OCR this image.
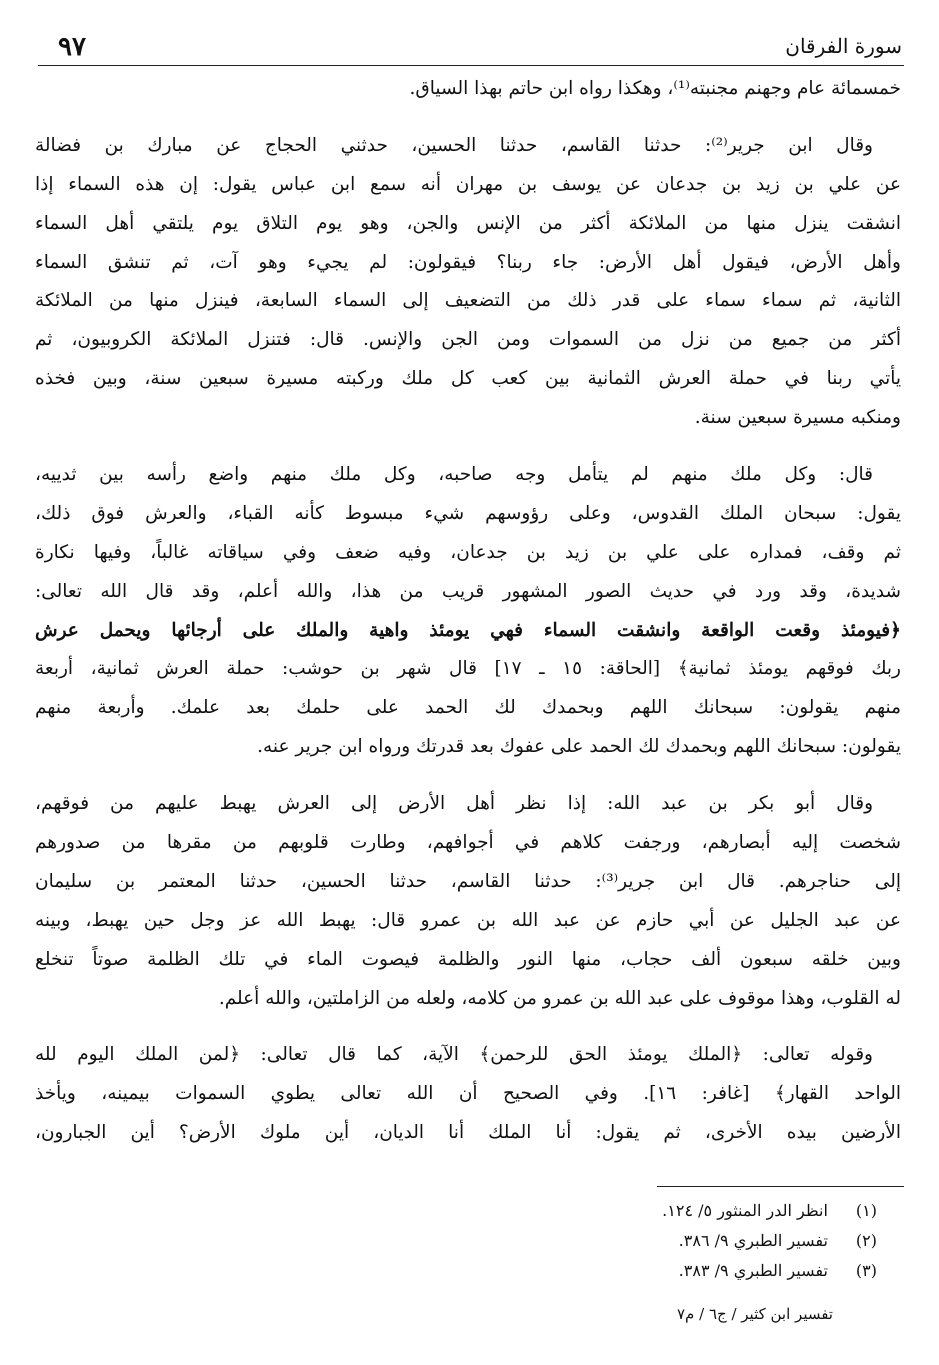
سورة الفرقان
٩٧
خمسمائة عام وجهنم مجنبته⁽¹⁾، وهكذا رواه ابن حاتم بهذا السياق.
وقال ابن جرير⁽²⁾: حدثنا القاسم، حدثنا الحسين، حدثني الحجاج عن مبارك بن فضالة
عن علي بن زيد بن جدعان عن يوسف بن مهران أنه سمع ابن عباس يقول: إن هذه السماء إذا
انشقت ينزل منها من الملائكة أكثر من الإنس والجن، وهو يوم التلاق يوم يلتقي أهل السماء
وأهل الأرض، فيقول أهل الأرض: جاء ربنا؟ فيقولون: لم يجيء وهو آت، ثم تنشق السماء
الثانية، ثم سماء سماء على قدر ذلك من التضعيف إلى السماء السابعة، فينزل منها من الملائكة
أكثر من جميع من نزل من السموات ومن الجن والإنس. قال: فتنزل الملائكة الكروبيون، ثم
يأتي ربنا في حملة العرش الثمانية بين كعب كل ملك وركبته مسيرة سبعين سنة، وبين فخذه
ومنكبه مسيرة سبعين سنة.
قال: وكل ملك منهم لم يتأمل وجه صاحبه، وكل ملك منهم واضع رأسه بين ثدييه،
يقول: سبحان الملك القدوس، وعلى رؤوسهم شيء مبسوط كأنه القباء، والعرش فوق ذلك،
ثم وقف، فمداره على علي بن زيد بن جدعان، وفيه ضعف وفي سياقاته غالباً، وفيها نكارة
شديدة، وقد ورد في حديث الصور المشهور قريب من هذا، والله أعلم، وقد قال الله تعالى:
﴿فيومئذ وقعت الواقعة وانشقت السماء فهي يومئذ واهية والملك على أرجائها ويحمل عرش
ربك فوقهم يومئذ ثمانية﴾ [الحاقة: ١٥ ـ ١٧] قال شهر بن حوشب: حملة العرش ثمانية، أربعة
منهم يقولون: سبحانك اللهم وبحمدك لك الحمد على حلمك بعد علمك. وأربعة منهم
يقولون: سبحانك اللهم وبحمدك لك الحمد على عفوك بعد قدرتك ورواه ابن جرير عنه.
وقال أبو بكر بن عبد الله: إذا نظر أهل الأرض إلى العرش يهبط عليهم من فوقهم،
شخصت إليه أبصارهم، ورجفت كلاهم في أجوافهم، وطارت قلوبهم من مقرها من صدورهم
إلى حناجرهم. قال ابن جرير⁽³⁾: حدثنا القاسم، حدثنا الحسين، حدثنا المعتمر بن سليمان
عن عبد الجليل عن أبي حازم عن عبد الله بن عمرو قال: يهبط الله عز وجل حين يهبط، وبينه
وبين خلقه سبعون ألف حجاب، منها النور والظلمة فيصوت الماء في تلك الظلمة صوتاً تنخلع
له القلوب، وهذا موقوف على عبد الله بن عمرو من كلامه، ولعله من الزاملتين، والله أعلم.
وقوله تعالى: ﴿الملك يومئذ الحق للرحمن﴾ الآية، كما قال تعالى: ﴿لمن الملك اليوم لله
الواحد القهار﴾ [غافر: ١٦]. وفي الصحيح أن الله تعالى يطوي السموات بيمينه، ويأخذ
الأرضين بيده الأخرى، ثم يقول: أنا الملك أنا الديان، أين ملوك الأرض؟ أين الجبارون،
(١) انظر الدر المنثور ٥/ ١٢٤.
(٢) تفسير الطبري ٩/ ٣٨٦.
(٣) تفسير الطبري ٩/ ٣٨٣.
تفسير ابن كثير / ج٦ / م٧
